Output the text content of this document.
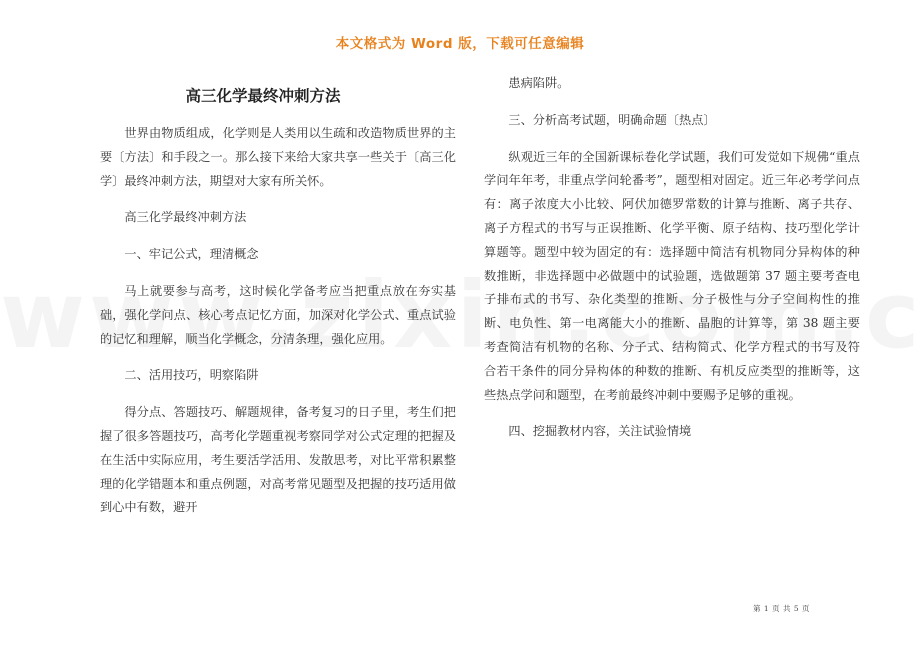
本文格式为 Word 版，下载可任意编辑
高三化学最终冲刺方法

世界由物质组成，化学则是人类用以生疏和改造物质世界的主要〔方法〕和手段之一。那么接下来给大家共享一些关于〔高三化学〕最终冲刺方法，期望对大家有所关怀。

高三化学最终冲刺方法

一、牢记公式，理清概念

马上就要参与高考，这时候化学备考应当把重点放在夯实基础，强化学问点、核心考点记忆方面，加深对化学公式、重点试验的记忆和理解，顺当化学概念，分清条理，强化应用。

二、活用技巧，明察陷阱

得分点、答题技巧、解题规律，备考复习的日子里，考生们把握了很多答题技巧，高考化学题重视考察同学对公式定理的把握及在生活中实际应用，考生要活学活用、发散思考，对比平常积累整理的化学错题本和重点例题，对高考常见题型及把握的技巧适用做到心中有数，避开

患病陷阱。

三、分析高考试题，明确命题〔热点〕

纵观近三年的全国新课标卷化学试题，我们可发觉如下规佛“重点学问年年考，非重点学问轮番考”，题型相对固定。近三年必考学问点有：离子浓度大小比较、阿伏加德罗常数的计算与推断、离子共存、离子方程式的书写与正误推断、化学平衡、原子结构、技巧型化学计算题等。题型中较为固定的有：选择题中简洁有机物同分异构体的种数推断，非选择题中必做题中的试验题，选做题第 37 题主要考查电子排布式的书写、杂化类型的推断、分子极性与分子空间构性的推断、电负性、第一电离能大小的推断、晶胞的计算等，第 38 题主要考查简洁有机物的名称、分子式、结构简式、化学方程式的书写及符合若干条件的同分异构体的种数的推断、有机反应类型的推断等，这些热点学问和题型，在考前最终冲刺中要赐予足够的重视。

四、挖掘教材内容，关注试验情境

第 1 页 共 5 页
